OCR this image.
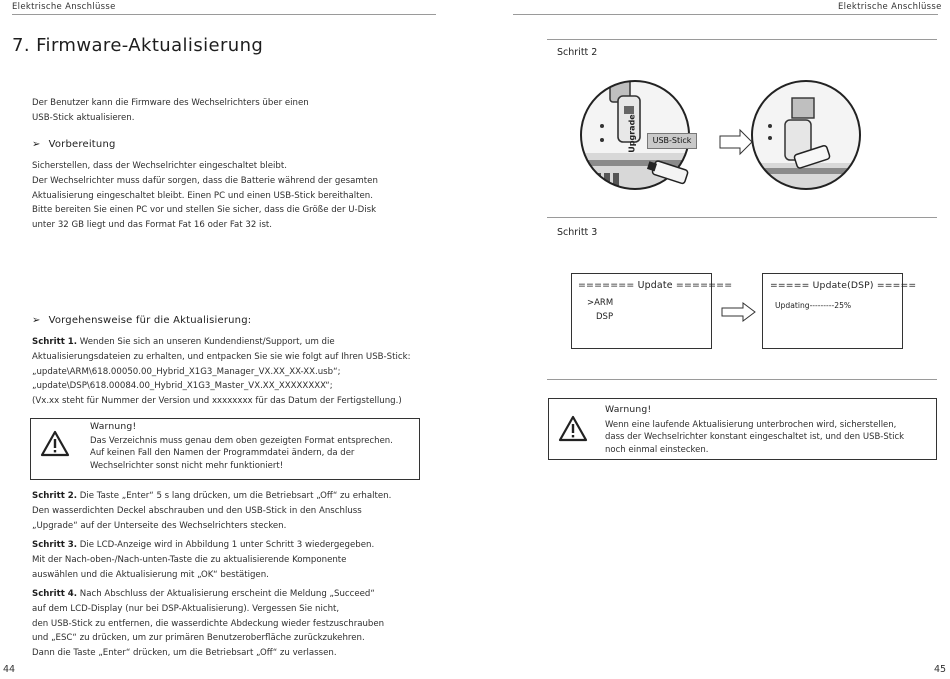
Elektrische Anschlüsse
7. Firmware-Aktualisierung

Der Benutzer kann die Firmware des Wechselrichters über einen

USB-Stick aktualisieren.

➢ Vorbereitung

Sicherstellen, dass der Wechselrichter eingeschaltet bleibt.

Der Wechselrichter muss dafür sorgen, dass die Batterie während der gesamten

Aktualisierung eingeschaltet bleibt. Einen PC und einen USB-Stick bereithalten.

Bitte bereiten Sie einen PC vor und stellen Sie sicher, dass die Größe der U-Disk

unter 32 GB liegt und das Format Fat 16 oder Fat 32 ist.

➢ Vorgehensweise für die Aktualisierung:

Schritt 1. Wenden Sie sich an unseren Kundendienst/Support, um die

Aktualisierungsdateien zu erhalten, und entpacken Sie sie wie folgt auf Ihren USB-Stick:

„update\ARM\618.00050.00_Hybrid_X1G3_Manager_VX.XX_XX-XX.usb“;

„update\DSP\618.00084.00_Hybrid_X1G3_Master_VX.XX_XXXXXXXX“;

(Vx.xx steht für Nummer der Version und xxxxxxxx für das Datum der Fertigstellung.)

Warnung!
Das Verzeichnis muss genau dem oben gezeigten Format entsprechen.
Auf keinen Fall den Namen der Programmdatei ändern, da der
Wechselrichter sonst nicht mehr funktioniert!

Schritt 2. Die Taste „Enter“ 5 s lang drücken, um die Betriebsart „Off“ zu erhalten.

Den wasserdichten Deckel abschrauben und den USB-Stick in den Anschluss

„Upgrade“ auf der Unterseite des Wechselrichters stecken.

Schritt 3. Die LCD-Anzeige wird in Abbildung 1 unter Schritt 3 wiedergegeben.

Mit der Nach-oben-/Nach-unten-Taste die zu aktualisierende Komponente

auswählen und die Aktualisierung mit „OK“ bestätigen.

Schritt 4. Nach Abschluss der Aktualisierung erscheint die Meldung „Succeed“

auf dem LCD-Display (nur bei DSP-Aktualisierung). Vergessen Sie nicht,

den USB-Stick zu entfernen, die wasserdichte Abdeckung wieder festzuschrauben

und „ESC“ zu drücken, um zur primären Benutzeroberfläche zurückzukehren.

Dann die Taste „Enter“ drücken, um die Betriebsart „Off“ zu verlassen.

44
Elektrische Anschlüsse
Schritt 2
Upgrade	USB-Stick
Schritt 3
======= Update =======
>ARM
DSP
===== Update(DSP) =====
Updating---------25%
Warnung!
Wenn eine laufende Aktualisierung unterbrochen wird, sicherstellen,
dass der Wechselrichter konstant eingeschaltet ist, und den USB-Stick
noch einmal einstecken.
45
